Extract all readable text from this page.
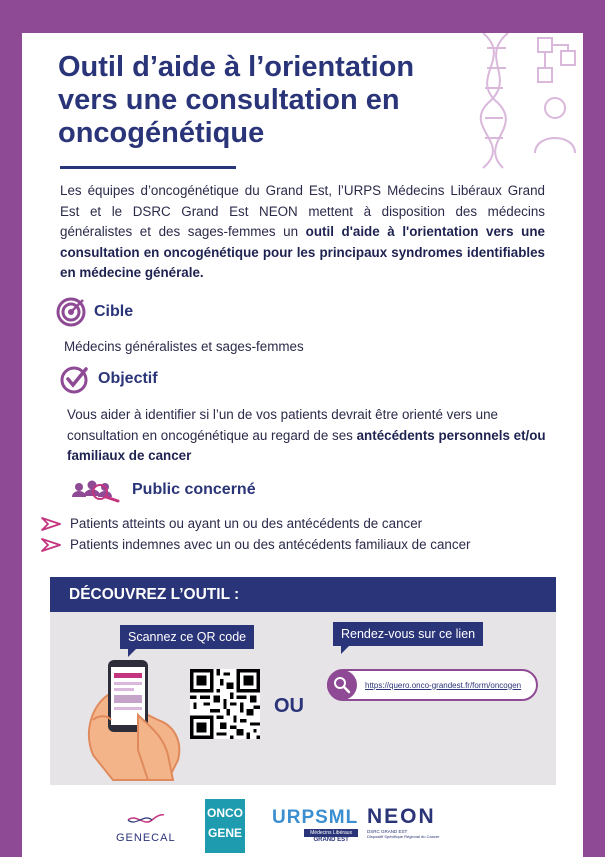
Outil d’aide à l’orientation vers une consultation en oncogénétique

Les équipes d’oncogénétique du Grand Est, l’URPS Médecins Libéraux Grand Est et le DSRC Grand Est NEON mettent à disposition des médecins généralistes et des sages-femmes un outil d'aide à l'orientation vers une consultation en oncogénétique pour les principaux syndromes identifiables en médecine générale.

Cible
Médecins généralistes et sages-femmes
Objectif

Vous aider à identifier si l’un de vos patients devrait être orienté vers une consultation en oncogénétique au regard de ses antécédents personnels et/ou familiaux de cancer

Public concerné
Patients atteints ou ayant un ou des antécédents de cancer
Patients indemnes avec un ou des antécédents familiaux de cancer
DÉCOUVREZ L’OUTIL :
Scannez ce QR code	Rendez-vous sur ce lien
OU
https://quero.onco-grandest.fr/form/oncogen
GENECAL
ONCO
GENE
URPSML
Médecins Libéraux
GRAND EST
NEON
DSRC GRAND EST
Dispositif Spécifique Régional du Cancer
